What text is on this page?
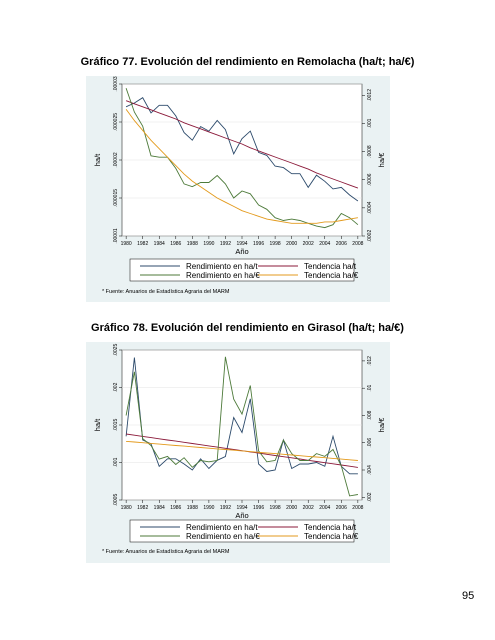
Gráfico 77. Evolución del rendimiento en Remolacha (ha/t; ha/€)
.00001
.000015
.00002
.000025
.00003
.0002
.0004
.0006
.0008
.001
.0012
1980 1982 1984 1986 1988 1990 1992 1994 1996 1998 2000 2002 2004 2006 2008
Año
ha/t	ha/€
Rendimiento en ha/t	Tendencia ha/t
Rendimiento en ha/€	Tendencia ha/€
* Fuente: Anuarios de Estadística Agraria del MARM
Gráfico 78. Evolución del rendimiento en Girasol (ha/t; ha/€)
.0005
.001
.0015
.002
.0025
.002
.004
.006
.008
.01
.012
1980 1982 1984 1986 1988 1990 1992 1994 1996 1998 2000 2002 2004 2006 2008
Año
ha/t	ha/€
Rendimiento en ha/t	Tendencia ha/t
Rendimiento en ha/€	Tendencia ha/€
* Fuente: Anuarios de Estadística Agraria del MARM
95
